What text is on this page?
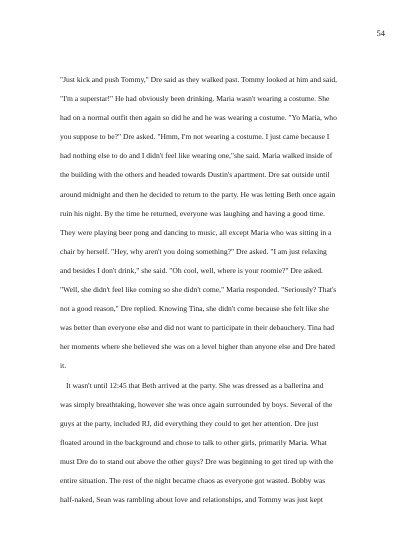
54
"Just kick and push Tommy," Dre said as they walked past. Tommy looked at him and said,
"I'm a superstar!" He had obviously been drinking. Maria wasn't wearing a costume. She
had on a normal outfit then again so did he and he was wearing a costume. "Yo Maria, who
you suppose to be?" Dre asked. "Hmm, I'm not wearing a costume. I just came because I
had nothing else to do and I didn't feel like wearing one,"she said. Maria walked inside of
the building with the others and headed towards Dustin's apartment. Dre sat outside until
around midnight and then he decided to return to the party. He was letting Beth once again
ruin his night. By the time he returned, everyone was laughing and having a good time.
They were playing beer pong and dancing to music, all except Maria who was sitting in a
chair by herself. "Hey, why aren't you doing something?" Dre asked. "I am just relaxing
and besides I don't drink," she said. "Oh cool, well, where is your roomie?" Dre asked.
"Well, she didn't feel like coming so she didn't come," Maria responded. "Seriously? That's
not a good reason," Dre replied. Knowing Tina, she didn't come because she felt like she
was better than everyone else and did not want to participate in their debauchery. Tina had
her moments where she believed she was on a level higher than anyone else and Dre hated
it.
It wasn't until 12:45 that Beth arrived at the party. She was dressed as a ballerina and
was simply breathtaking, however she was once again surrounded by boys. Several of the
guys at the party, included RJ, did everything they could to get her attention. Dre just
floated around in the background and chose to talk to other girls, primarily Maria. What
must Dre do to stand out above the other guys? Dre was beginning to get tired up with the
entire situation. The rest of the night became chaos as everyone got wasted. Bobby was
half-naked, Sean was rambling about love and relationships, and Tommy was just kept
